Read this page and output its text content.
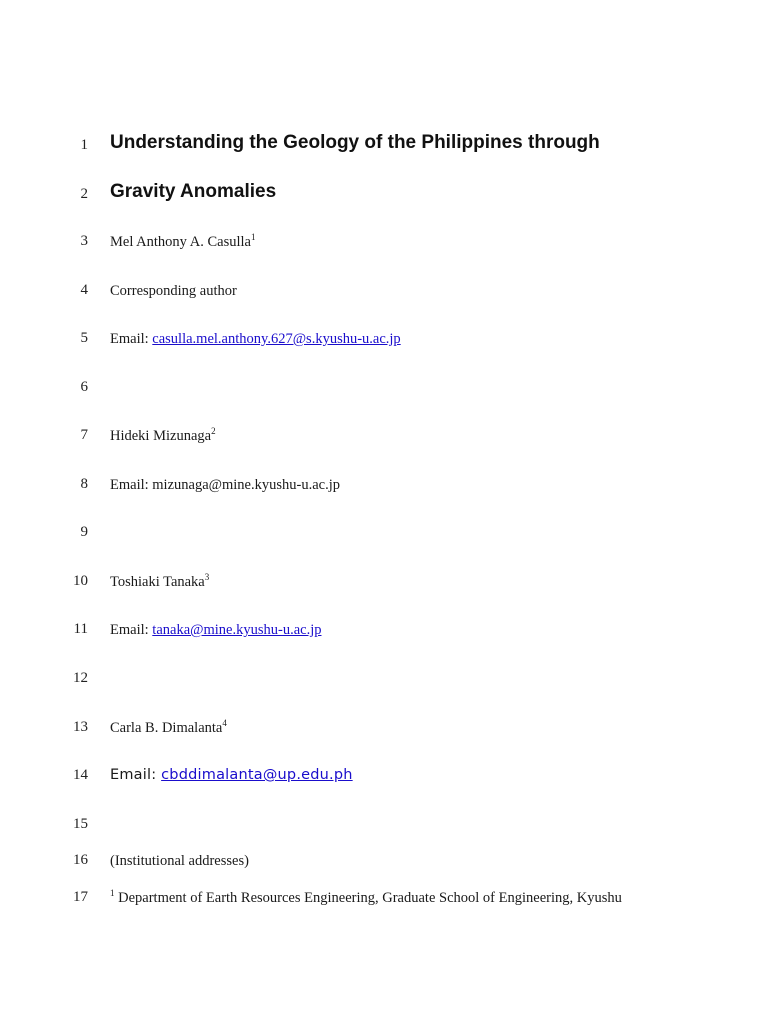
1 Understanding the Geology of the Philippines through
2 Gravity Anomalies
3 Mel Anthony A. Casulla$^1$
4 Corresponding author
5 Email: casulla.mel.anthony.627@s.kyushu-u.ac.jp
6
7 Hideki Mizunaga$^2$
8 Email: mizunaga@mine.kyushu-u.ac.jp
9
10 Toshiaki Tanaka$^3$
11 Email: tanaka@mine.kyushu-u.ac.jp
12
13 Carla B. Dimalanta$^4$
14 Email: cbddimalanta@up.edu.ph
15
16 (Institutional addresses)
17 $^1$ Department of Earth Resources Engineering, Graduate School of Engineering, Kyushu
